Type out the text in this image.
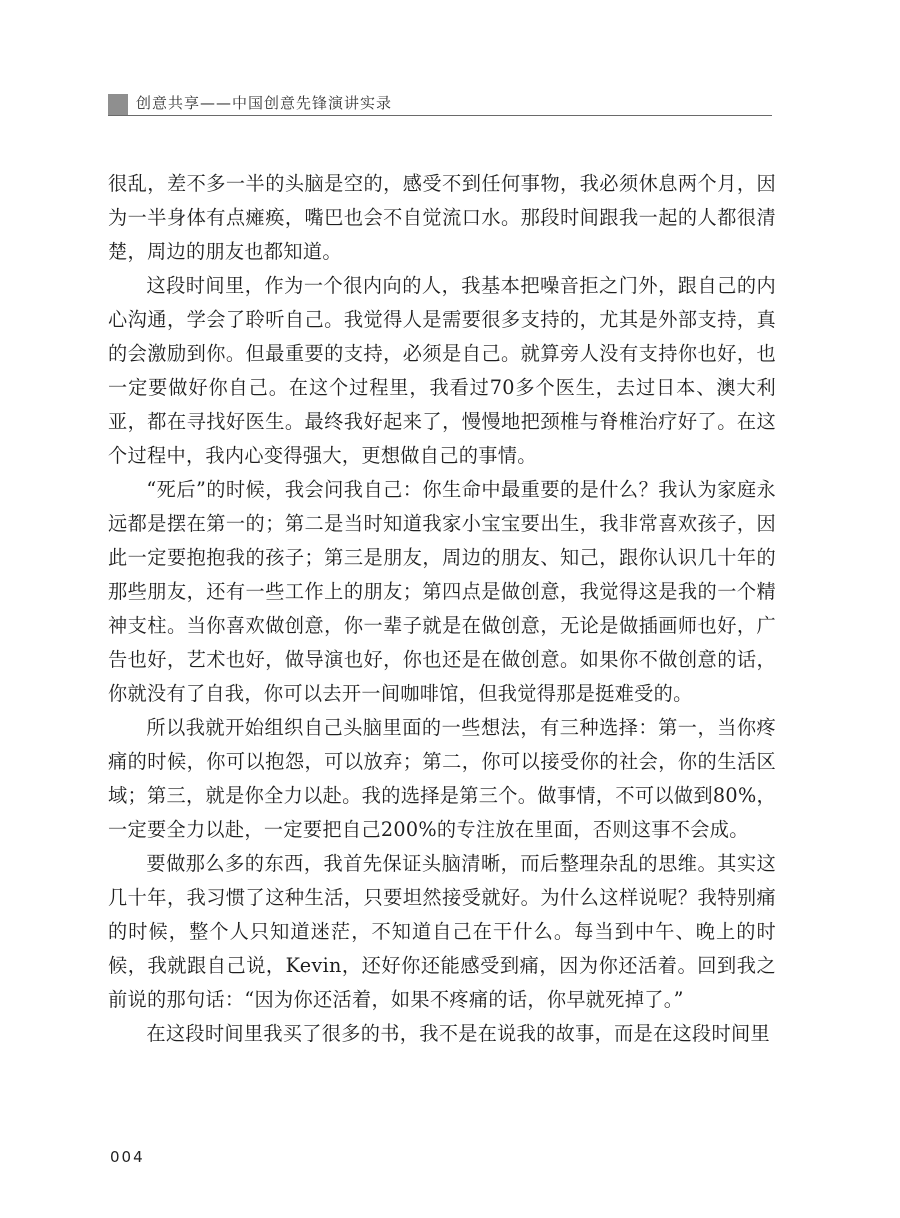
创意共享——中国创意先锋演讲实录

很乱，差不多一半的头脑是空的，感受不到任何事物，我必须休息两个月，因为一半身体有点瘫痪，嘴巴也会不自觉流口水。那段时间跟我一起的人都很清楚，周边的朋友也都知道。

这段时间里，作为一个很内向的人，我基本把噪音拒之门外，跟自己的内心沟通，学会了聆听自己。我觉得人是需要很多支持的，尤其是外部支持，真的会激励到你。但最重要的支持，必须是自己。就算旁人没有支持你也好，也一定要做好你自己。在这个过程里，我看过70多个医生，去过日本、澳大利亚，都在寻找好医生。最终我好起来了，慢慢地把颈椎与脊椎治疗好了。在这个过程中，我内心变得强大，更想做自己的事情。

“死后”的时候，我会问我自己：你生命中最重要的是什么？我认为家庭永远都是摆在第一的；第二是当时知道我家小宝宝要出生，我非常喜欢孩子，因此一定要抱抱我的孩子；第三是朋友，周边的朋友、知己，跟你认识几十年的那些朋友，还有一些工作上的朋友；第四点是做创意，我觉得这是我的一个精神支柱。当你喜欢做创意，你一辈子就是在做创意，无论是做插画师也好，广告也好，艺术也好，做导演也好，你也还是在做创意。如果你不做创意的话，你就没有了自我，你可以去开一间咖啡馆，但我觉得那是挺难受的。

所以我就开始组织自己头脑里面的一些想法，有三种选择：第一，当你疼痛的时候，你可以抱怨，可以放弃；第二，你可以接受你的社会，你的生活区域；第三，就是你全力以赴。我的选择是第三个。做事情，不可以做到80%，一定要全力以赴，一定要把自己200%的专注放在里面，否则这事不会成。

要做那么多的东西，我首先保证头脑清晰，而后整理杂乱的思维。其实这几十年，我习惯了这种生活，只要坦然接受就好。为什么这样说呢？我特别痛的时候，整个人只知道迷茫，不知道自己在干什么。每当到中午、晚上的时候，我就跟自己说，Kevin，还好你还能感受到痛，因为你还活着。回到我之前说的那句话：“因为你还活着，如果不疼痛的话，你早就死掉了。”

在这段时间里我买了很多的书，我不是在说我的故事，而是在这段时间里

004
